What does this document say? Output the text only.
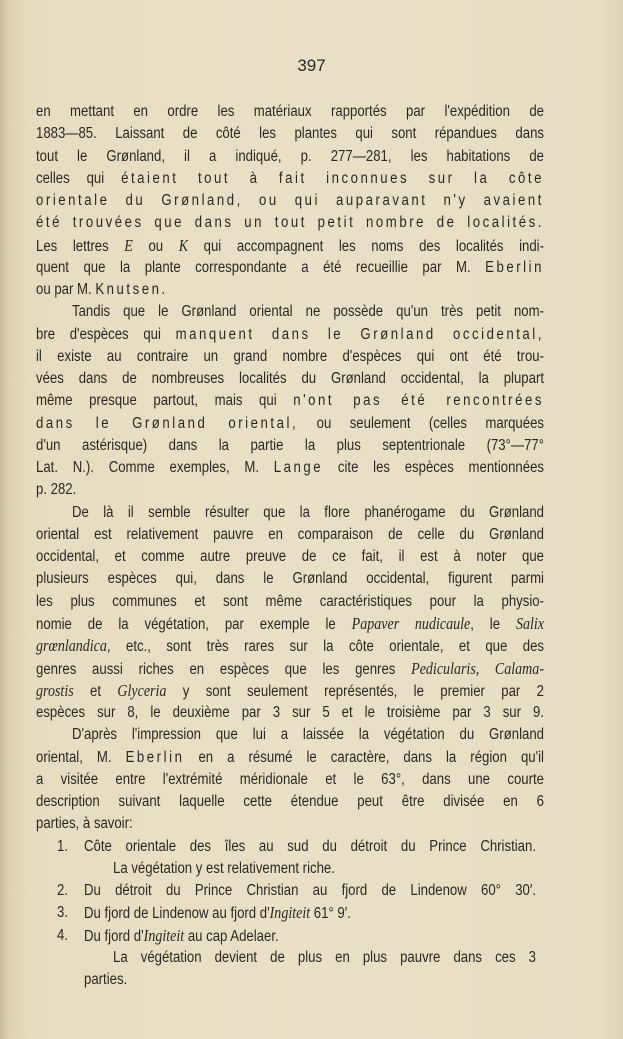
397
en mettant en ordre les matériaux rapportés par l'expédition de
1883—85. Laissant de côté les plantes qui sont répandues dans
tout le Grønland, il a indiqué, p. 277—281, les habitations de
celles qui étaient tout à fait inconnues sur la côte
orientale du Grønland, ou qui auparavant n'y avaient
été trouvées que dans un tout petit nombre de localités.
Les lettres E ou K qui accompagnent les noms des localités indi-
quent que la plante correspondante a été recueillie par M. Eberlin
ou par M. Knutsen.
Tandis que le Grønland oriental ne possède qu'un très petit nom-
bre d'espèces qui manquent dans le Grønland occidental,
il existe au contraire un grand nombre d'espèces qui ont été trou-
vées dans de nombreuses localités du Grønland occidental, la plupart
même presque partout, mais qui n'ont pas été rencontrées
dans le Grønland oriental, ou seulement (celles marquées
d'un astérisque) dans la partie la plus septentrionale (73°—77°
Lat. N.). Comme exemples, M. Lange cite les espèces mentionnées
p. 282.
De là il semble résulter que la flore phanérogame du Grønland
oriental est relativement pauvre en comparaison de celle du Grønland
occidental, et comme autre preuve de ce fait, il est à noter que
plusieurs espèces qui, dans le Grønland occidental, figurent parmi
les plus communes et sont même caractéristiques pour la physio-
nomie de la végétation, par exemple le Papaver nudicaule, le Salix
grœnlandica, etc., sont très rares sur la côte orientale, et que des
genres aussi riches en espèces que les genres Pedicularis, Calama-
grostis et Glyceria y sont seulement représentés, le premier par 2
espèces sur 8, le deuxième par 3 sur 5 et le troisième par 3 sur 9.
D'après l'impression que lui a laissée la végétation du Grønland
oriental, M. Eberlin en a résumé le caractère, dans la région qu'il
a visitée entre l'extrémité méridionale et le 63°, dans une courte
description suivant laquelle cette étendue peut être divisée en 6
parties, à savoir:
1. Côte orientale des îles au sud du détroit du Prince Christian.
La végétation y est relativement riche.
2. Du détroit du Prince Christian au fjord de Lindenow 60° 30′.
3. Du fjord de Lindenow au fjord d'Ingiteit 61° 9′.
4. Du fjord d'Ingiteit au cap Adelaer.
La végétation devient de plus en plus pauvre dans ces 3
parties.
